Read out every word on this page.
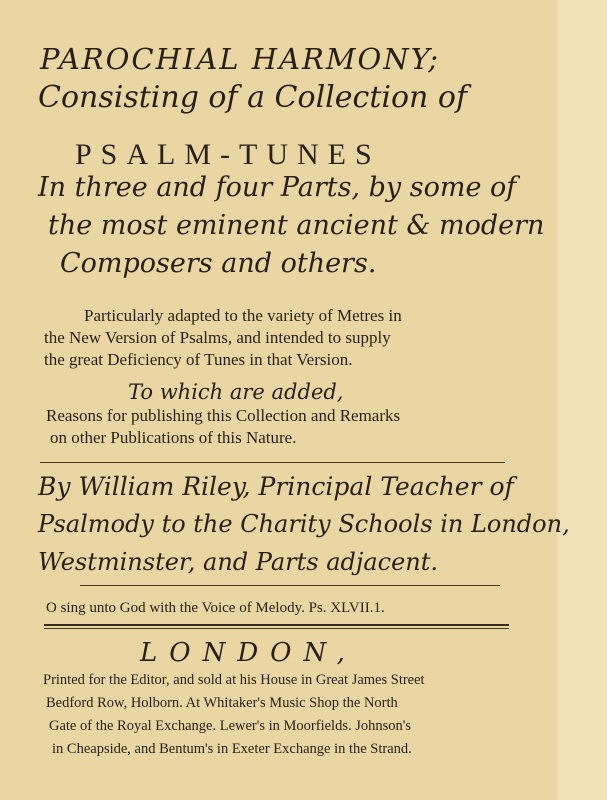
PAROCHIAL HARMONY;
Consisting of a Collection of
PSALM-TUNES
In three and four Parts, by some of
the most eminent ancient & modern
Composers and others.
Particularly adapted to the variety of Metres in
the New Version of Psalms, and intended to supply
the great Deficiency of Tunes in that Version.
To which are added,
Reasons for publishing this Collection and Remarks
on other Publications of this Nature.
By William Riley, Principal Teacher of
Psalmody to the Charity Schools in London,
Westminster, and Parts adjacent.
O sing unto God with the Voice of Melody. Ps. XLVII.1.
LONDON,
Printed for the Editor, and sold at his House in Great James Street
Bedford Row, Holborn. At Whitaker's Music Shop the North
Gate of the Royal Exchange. Lewer's in Moorfields. Johnson's
in Cheapside, and Bentum's in Exeter Exchange in the Strand.
